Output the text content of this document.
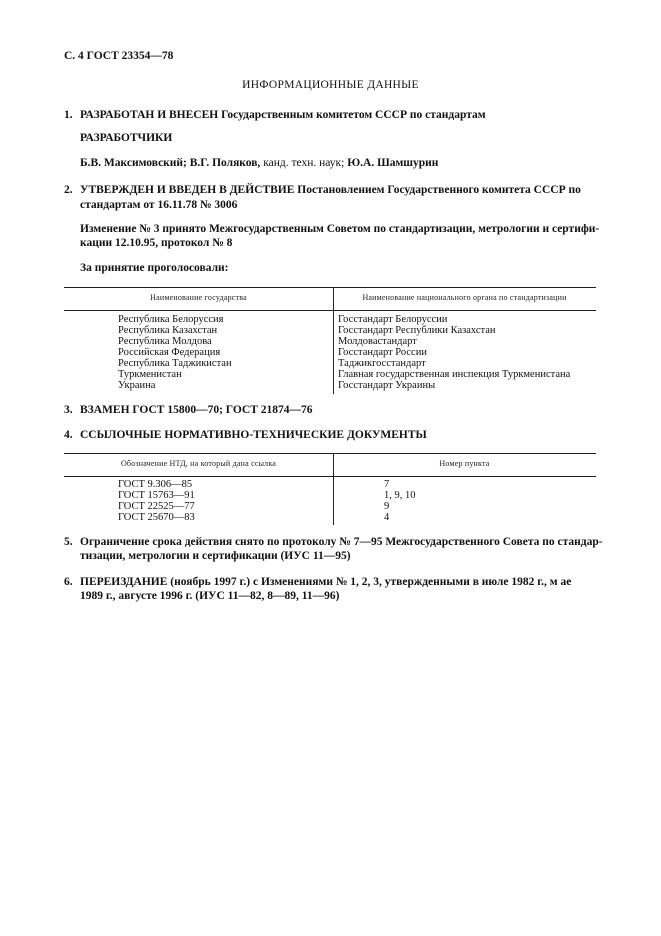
С. 4 ГОСТ 23354—78
ИНФОРМАЦИОННЫЕ ДАННЫЕ
1. РАЗРАБОТАН И ВНЕСЕН Государственным комитетом СССР по стандартам
РАЗРАБОТЧИКИ
Б.В. Максимовский; В.Г. Поляков, канд. техн. наук; Ю.А. Шамшурин
2. УТВЕРЖДЕН И ВВЕДЕН В ДЕЙСТВИЕ Постановлением Государственного комитета СССР по
стандартам от 16.11.78 № 3006
Изменение № 3 принято Межгосударственным Советом по стандартизации, метрологии и сертифи-
кации 12.10.95, протокол № 8
За принятие проголосовали:
Наименование государства	Наименование национального органа по стандартизации
Республика Белоруссия
Республика Казахстан
Республика Молдова
Российская Федерация
Республика Таджикистан
Туркменистан
Украина
Госстандарт Белоруссии
Госстандарт Республики Казахстан
Молдовастандарт
Госстандарт России
Таджикгосстандарт
Главная государственная инспекция Туркменистана
Госстандарт Украины
3. ВЗАМЕН ГОСТ 15800—70; ГОСТ 21874—76
4. ССЫЛОЧНЫЕ НОРМАТИВНО-ТЕХНИЧЕСКИЕ ДОКУМЕНТЫ
Обозначение НТД, на который дана ссылка	Номер пункта
ГОСТ 9.306—85
ГОСТ 15763—91
ГОСТ 22525—77
ГОСТ 25670—83
7
1, 9, 10
9
4
5. Ограничение срока действия снято по протоколу № 7—95 Межгосударственного Совета по стандар-
тизации, метрологии и сертификации (ИУС 11—95)
6. ПЕРЕИЗДАНИЕ (ноябрь 1997 г.) с Изменениями № 1, 2, 3, утвержденными в июле 1982 г., м ае
1989 г., августе 1996 г. (ИУС 11—82, 8—89, 11—96)
